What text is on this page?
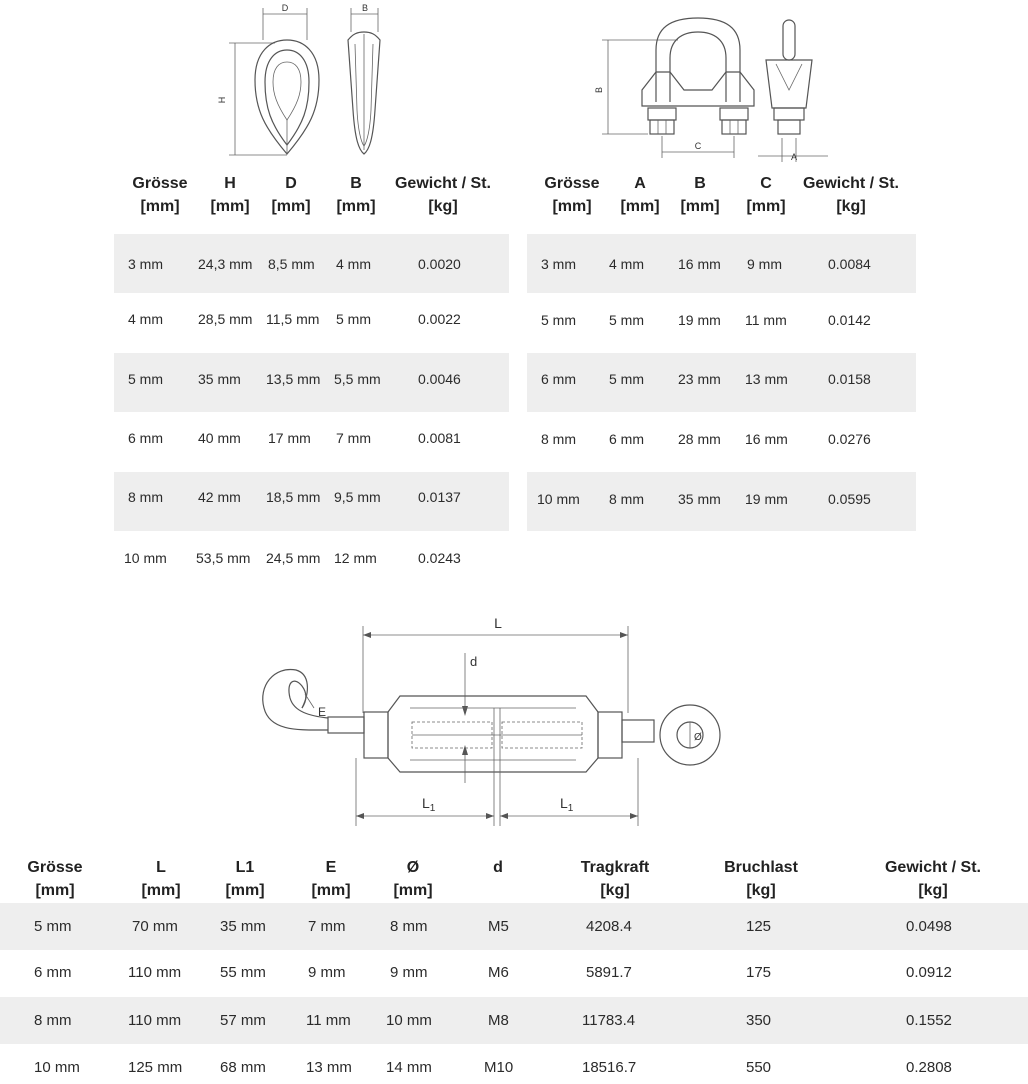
D
H
B
B
C
A
Grösse
[mm]
H
[mm]
D
[mm]
B
[mm]
Gewicht / St.
[kg]
3 mm	24,3 mm 8,5 mm 4 mm	0.0020
4 mm	28,5 mm 11,5 mm 5 mm	0.0022
5 mm	35 mm 13,5 mm 5,5 mm	0.0046
6 mm	40 mm 17 mm 7 mm	0.0081
8 mm	42 mm 18,5 mm 9,5 mm	0.0137
10 mm 53,5 mm 24,5 mm 12 mm	0.0243
Grösse
[mm]
A
[mm]
B
[mm]
C
[mm]
Gewicht / St.
[kg]
3 mm 4 mm 16 mm 9 mm	0.0084
5 mm 5 mm 19 mm 11 mm	0.0142
6 mm 5 mm 23 mm 13 mm	0.0158
8 mm 6 mm 28 mm 16 mm	0.0276
10 mm 8 mm 35 mm 19 mm	0.0595
L
d
E
Ø
$L_1$	$L_1$
Grösse
[mm]
L
[mm]
L1
[mm]
E
[mm]
Ø
[mm]
d	Tragkraft
[kg]
Bruchlast
[kg]
Gewicht / St.
[kg]
5 mm	70 mm	35 mm	7 mm	8 mm	M5	4208.4	125	0.0498
6 mm	110 mm	55 mm	9 mm	9 mm	M6	5891.7	175	0.0912
8 mm	110 mm	57 mm	11 mm 10 mm	M8	11783.4	350	0.1552
10 mm	125 mm	68 mm	13 mm 14 mm	M10	18516.7	550	0.2808
